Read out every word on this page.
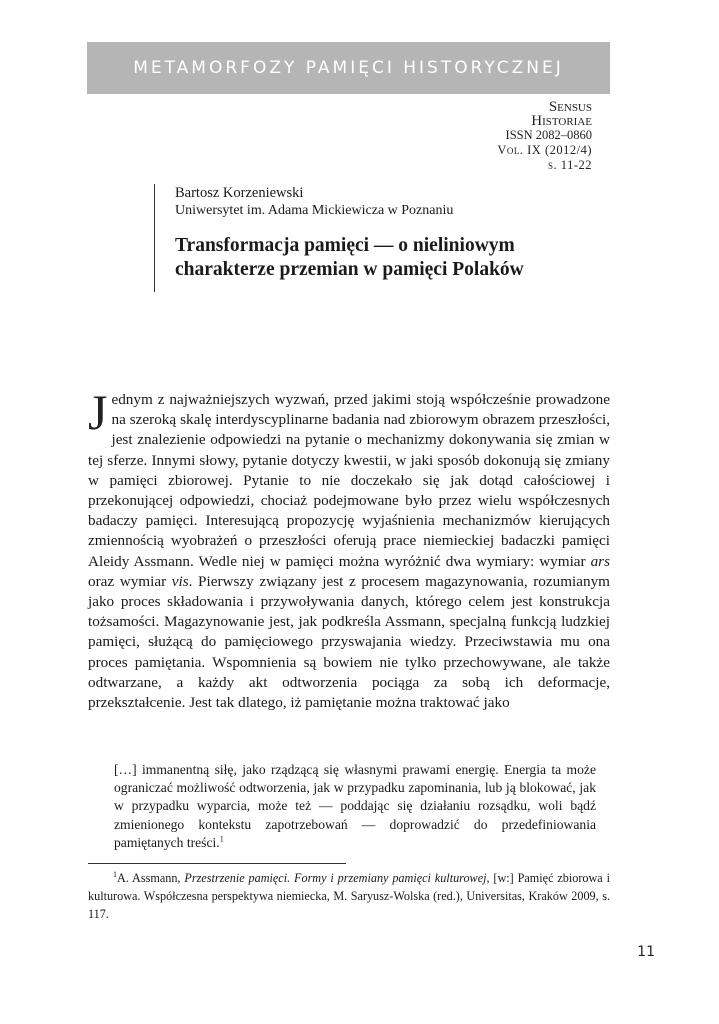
METAMORFOZY PAMIĘCI HISTORYCZNEJ
Sensus
Historiae
ISSN 2082–0860
Vol. IX (2012/4)
s. 11-22
Bartosz Korzeniewski
Uniwersytet im. Adama Mickiewicza w Poznaniu
Transformacja pamięci — o nieliniowym charakterze przemian w pamięci Polaków

Jednym z najważniejszych wyzwań, przed jakimi stoją współcześnie prowadzone na szeroką skalę interdyscyplinarne badania nad zbiorowym obrazem przeszłości, jest znalezienie odpowiedzi na pytanie o mechanizmy dokonywania się zmian w tej sferze. Innymi słowy, pytanie dotyczy kwestii, w jaki sposób dokonują się zmiany w pamięci zbiorowej. Pytanie to nie doczekało się jak dotąd całościowej i przekonującej odpowiedzi, chociaż podejmowane było przez wielu współczesnych badaczy pamięci. Interesującą propozycję wyjaśnienia mechanizmów kierujących zmiennością wyobrażeń o przeszłości oferują prace niemieckiej badaczki pamięci Aleidy Assmann. Wedle niej w pamięci można wyróżnić dwa wymiary: wymiar ars oraz wymiar vis. Pierwszy związany jest z procesem magazynowania, rozumianym jako proces składowania i przywoływania danych, którego celem jest konstrukcja tożsamości. Magazynowanie jest, jak podkreśla Assmann, specjalną funkcją ludzkiej pamięci, służącą do pamięciowego przyswajania wiedzy. Przeciwstawia mu ona proces pamiętania. Wspomnienia są bowiem nie tylko przechowywane, ale także odtwarzane, a każdy akt odtworzenia pociąga za sobą ich deformacje, przekształcenie. Jest tak dlatego, iż pamiętanie można traktować jako

[…] immanentną siłę, jako rządzącą się własnymi prawami energię. Energia ta może ograniczać możliwość odtworzenia, jak w przypadku zapominania, lub ją blokować, jak w przypadku wyparcia, może też — poddając się działaniu rozsądku, woli bądź zmienionego kontekstu zapotrzebowań — doprowadzić do przedefiniowania pamiętanych treści.$^1$
$^1$A. Assmann, Przestrzenie pamięci. Formy i przemiany pamięci kulturowej, [w:] Pamięć zbiorowa i kulturowa. Współczesna perspektywa niemiecka, M. Saryusz-Wolska (red.), Universitas, Kraków 2009, s. 117.
11
